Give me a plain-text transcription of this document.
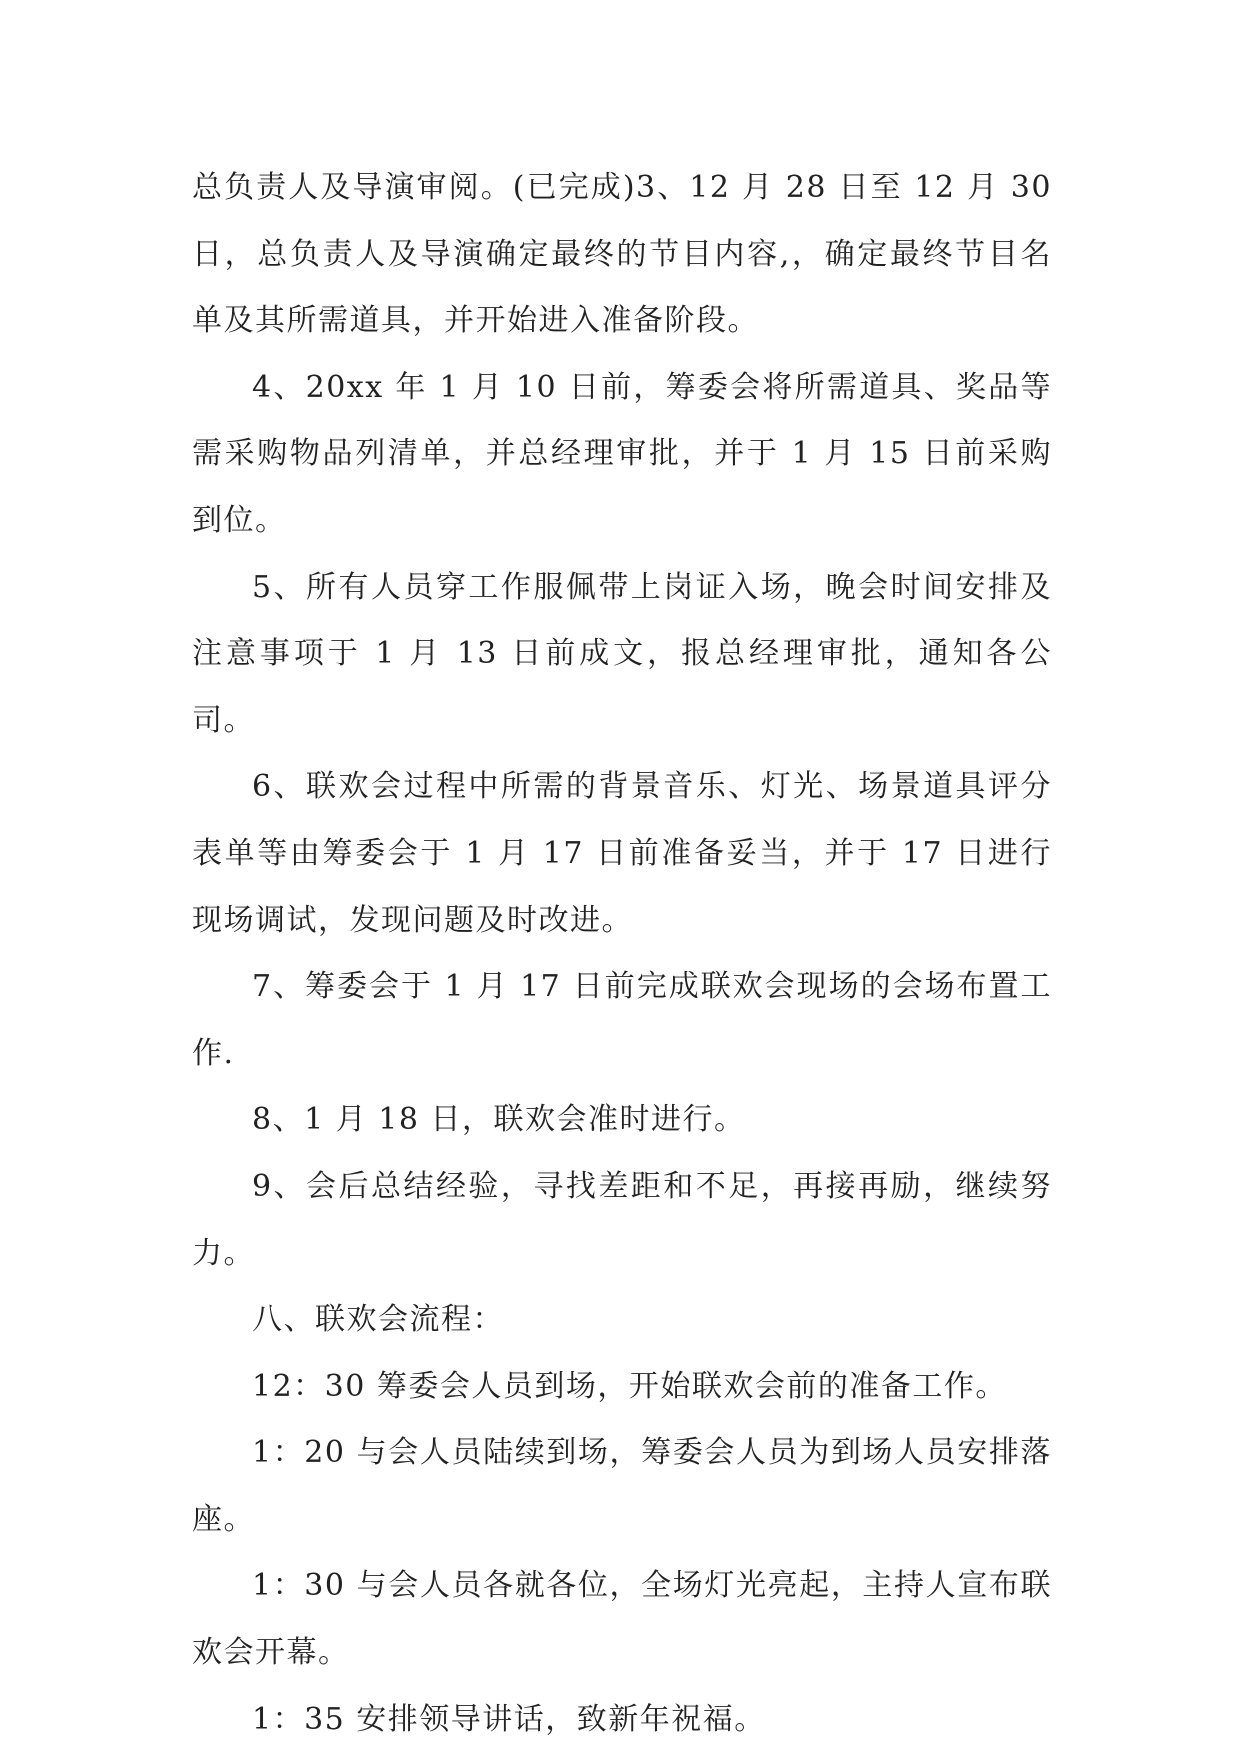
总负责人及导演审阅。(已完成)3、12 月 28 日至 12 月 30 日，总负责人及导演确定最终的节目内容,，确定最终节目名单及其所需道具，并开始进入准备阶段。

4、20xx 年 1 月 10 日前，筹委会将所需道具、奖品等需采购物品列清单，并总经理审批，并于 1 月 15 日前采购到位。

5、所有人员穿工作服佩带上岗证入场，晚会时间安排及注意事项于 1 月 13 日前成文，报总经理审批，通知各公司。

6、联欢会过程中所需的背景音乐、灯光、场景道具评分表单等由筹委会于 1 月 17 日前准备妥当，并于 17 日进行现场调试，发现问题及时改进。

7、筹委会于 1 月 17 日前完成联欢会现场的会场布置工作.

8、1 月 18 日，联欢会准时进行。

9、会后总结经验，寻找差距和不足，再接再励，继续努力。

八、联欢会流程：

12：30 筹委会人员到场，开始联欢会前的准备工作。

1：20 与会人员陆续到场，筹委会人员为到场人员安排落座。

1：30 与会人员各就各位，全场灯光亮起，主持人宣布联欢会开幕。

1：35 安排领导讲话，致新年祝福。
